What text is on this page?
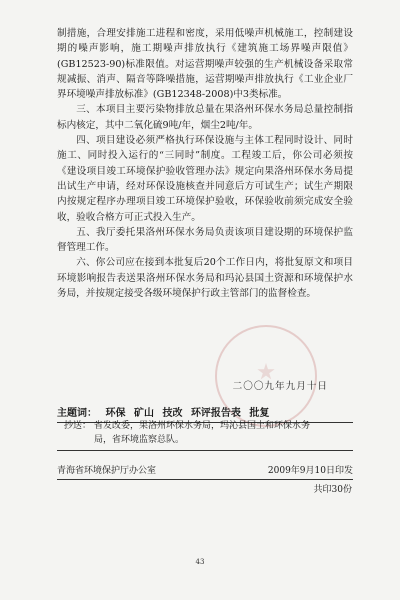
制措施，合理安排施工进程和密度，采用低噪声机械施工，控制建设期的噪声影响，施工期噪声排放执行《建筑施工场界噪声限值》(GB12523-90)标准限值。对运营期噪声较强的生产机械设备采取常规减振、消声、隔音等降噪措施，运营期噪声排放执行《工业企业厂界环境噪声排放标准》(GB12348-2008)中3类标准。

三、本项目主要污染物排放总量在果洛州环保水务局总量控制指标内核定，其中二氧化硫9吨/年，烟尘2吨/年。

四、项目建设必须严格执行环保设施与主体工程同时设计、同时施工、同时投入运行的“三同时”制度。工程竣工后，你公司必须按《建设项目竣工环境保护验收管理办法》规定向果洛州环保水务局提出试生产申请，经对环保设施核查并同意后方可试生产；试生产期限内按规定程序办理项目竣工环境保护验收，环保验收前须完成安全验收，验收合格方可正式投入生产。

五、我厅委托果洛州环保水务局负责该项目建设期的环境保护监督管理工作。

六、你公司应在接到本批复后20个工作日内，将批复原文和项目环境影响报告表送果洛州环保水务局和玛沁县国土资源和环境保护水务局，并按规定接受各级环境保护行政主管部门的监督检查。

二〇〇九年九月十日
主题词： 环保 矿山 技改 环评报告表 批复
抄送： 省发改委，果洛州环保水务局，玛沁县国土和环保水务
局，省环境监察总队。
青海省环境保护厅办公室	2009年9月10日印发
共印30份
43
